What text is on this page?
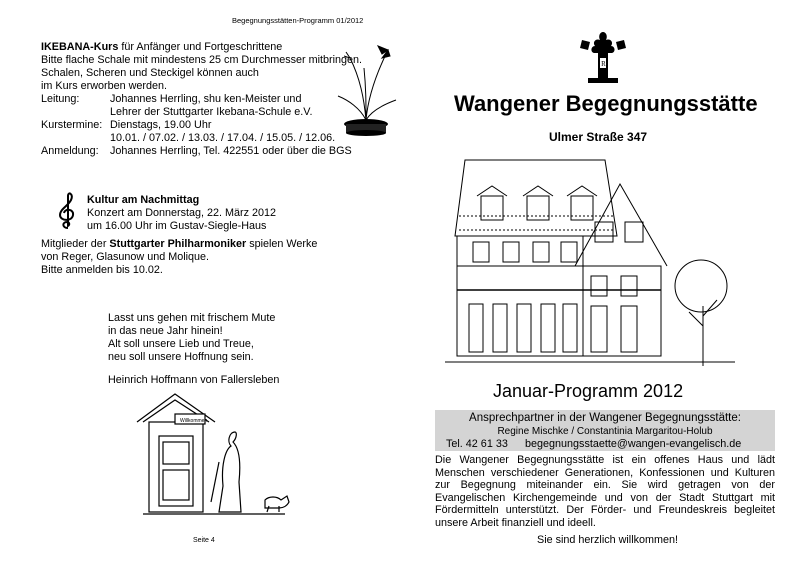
Begegnungsstätten-Programm 01/2012
IKEBANA-Kurs für Anfänger und Fortgeschrittene
Bitte flache Schale mit mindestens 25 cm Durchmesser mitbringen.
Schalen, Scheren und Steckigel können auch
im Kurs erworben werden.
Leitung:	Johannes Herrling, shu ken-Meister und
Lehrer der Stuttgarter Ikebana-Schule e.V.
Kurstermine: Dienstags, 19.00 Uhr
10.01. / 07.02. / 13.03. / 17.04. / 15.05. / 12.06.
Anmeldung: Johannes Herrling, Tel. 422551 oder über die BGS
Kultur am Nachmittag
Konzert am Donnerstag, 22. März 2012
um 16.00 Uhr im Gustav-Siegle-Haus
Mitglieder der Stuttgarter Philharmoniker spielen Werke
von Reger, Glasunow und Molique.
Bitte anmelden bis 10.02.
Lasst uns gehen mit frischem Mute
in das neue Jahr hinein!
Alt soll unsere Lieb und Treue,
neu soll unsere Hoffnung sein.
Heinrich Hoffmann von Fallersleben
Willkommen
Seite 4
R
Wangener Begegnungsstätte
Ulmer Straße 347
Januar-Programm 2012
Ansprechpartner in der Wangener Begegnungsstätte:
Regine Mischke / Constantinia Margaritou-Holub
Tel. 42 61 33 begegnungsstaette@wangen-evangelisch.de
Die Wangener Begegnungsstätte ist ein offenes Haus und lädt Menschen verschiedener Generationen, Konfessionen und Kulturen zur Begegnung miteinander ein. Sie wird getragen von der Evangelischen Kirchengemeinde und von der Stadt Stuttgart mit Fördermitteln unterstützt. Der Förder- und Freundeskreis begleitet unsere Arbeit finanziell und ideell.
Sie sind herzlich willkommen!
